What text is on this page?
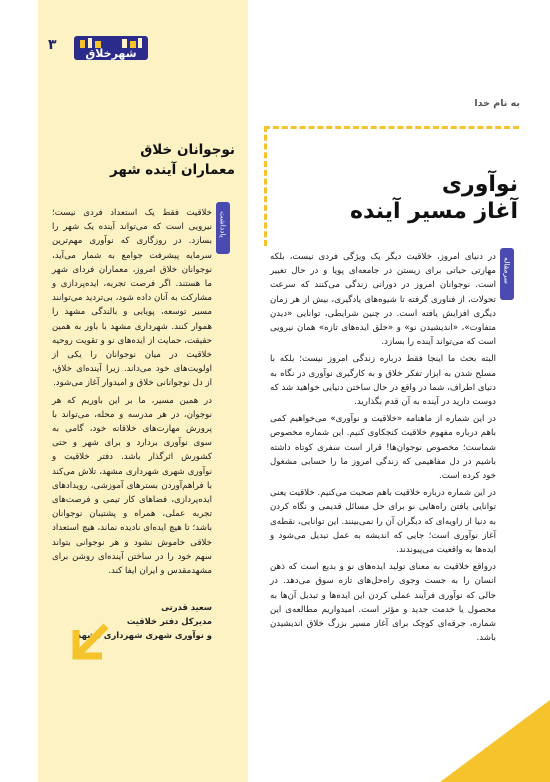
۳
شهرخلاق
نوجوانان خلاق
معماران آینده شهر
یادداشت

خلاقیت فقط یک استعداد فردی نیست؛ نیرویی است که می‌تواند آینده یک شهر را بسازد. در روزگاری که نوآوری مهم‌ترین سرمایه پیشرفت جوامع به شمار می‌آید، نوجوانان خلاق امروز، معماران فردای شهر ما هستند. اگر فرصت تجربه، ایده‌پردازی و مشارکت به آنان داده شود، بی‌تردید می‌توانند مسیر توسعه، پویایی و بالندگی مشهد را هموار کنند. شهرداری مشهد با باور به همین حقیقت، حمایت از ایده‌های نو و تقویت روحیه خلاقیت در میان نوجوانان را یکی از اولویت‌های خود می‌داند. زیرا آینده‌ای خلاق، از دل نوجوانانی خلاق و امیدوار آغاز می‌شود.

در همین مسیر، ما بر این باوریم که هر نوجوان، در هر مدرسه و محله، می‌تواند با پرورش مهارت‌های خلاقانه خود، گامی به سوی نوآوری بردارد و برای شهر و حتی کشورش اثرگذار باشد. دفتر خلاقیت و نوآوری شهری شهرداری مشهد، تلاش می‌کند با فراهم‌آوردن بسترهای آموزشی، رویدادهای ایده‌پردازی، فضاهای کار تیمی و فرصت‌های تجربه عملی، همراه و پشتیبان نوجوانان باشد؛ تا هیچ ایده‌ای نادیده نماند، هیچ استعداد خلاقی خاموش نشود و هر نوجوانی بتواند سهم خود را در ساختن آینده‌ای روشن برای مشهدمقدس و ایران ایفا کند.

سعید قدرتی
مدیرکل دفتر خلاقیت
و نوآوری شهری شهرداری مشهد
به نام خدا
نوآوری
آغاز مسیر آینده
سرمقاله

در دنیای امروز، خلاقیت دیگر یک ویژگی فردی نیست، بلکه مهارتی حیاتی برای زیستن در جامعه‌ای پویا و در حال تغییر است. نوجوانان امروز در دورانی زندگی می‌کنند که سرعت تحولات، از فناوری گرفته تا شیوه‌های یادگیری، بیش از هر زمان دیگری افزایش یافته است. در چنین شرایطی، توانایی «دیدن متفاوت»، «اندیشیدن نو» و «خلق ایده‌های تازه» همان نیرویی است که می‌تواند آینده را بسازد.

البته بحث ما اینجا فقط درباره زندگی امروز نیست؛ بلکه با مسلح شدن به ابزار تفکر خلاق و به کارگیری نوآوری در نگاه به دنیای اطراف، شما در واقع در حال ساختن دنیایی خواهید شد که دوست دارید در آینده به آن قدم بگذارید.

در این شماره از ماهنامه «خلاقیت و نوآوری» می‌خواهیم کمی باهم درباره مفهوم خلاقیت کنجکاوی کنیم. این شماره مخصوص شماست؛ مخصوص نوجوان‌ها! قرار است سفری کوتاه داشته باشیم در دل مفاهیمی که زندگی امروز ما را حسابی مشغول خود کرده است.

در این شماره درباره خلاقیت باهم صحبت می‌کنیم. خلاقیت یعنی توانایی یافتن راه‌هایی نو برای حل مسائل قدیمی و نگاه کردن به دنیا از زاویه‌ای که دیگران آن را نمی‌بینند. این توانایی، نقطه‌ی آغاز نوآوری است؛ جایی که اندیشه به عمل تبدیل می‌شود و ایده‌ها به واقعیت می‌پیوندند.

درواقع خلاقیت به معنای تولید ایده‌های نو و بدیع است که ذهن انسان را به جست وجوی راه‌حل‌های تازه سوق می‌دهد. در حالی که نوآوری فرآیند عملی کردن این ایده‌ها و تبدیل آن‌ها به محصول یا خدمت جدید و مؤثر است. امیدواریم مطالعه‌ی این شماره، جرقه‌ای کوچک برای آغاز مسیر بزرگ خلاق اندیشیدن باشد.
